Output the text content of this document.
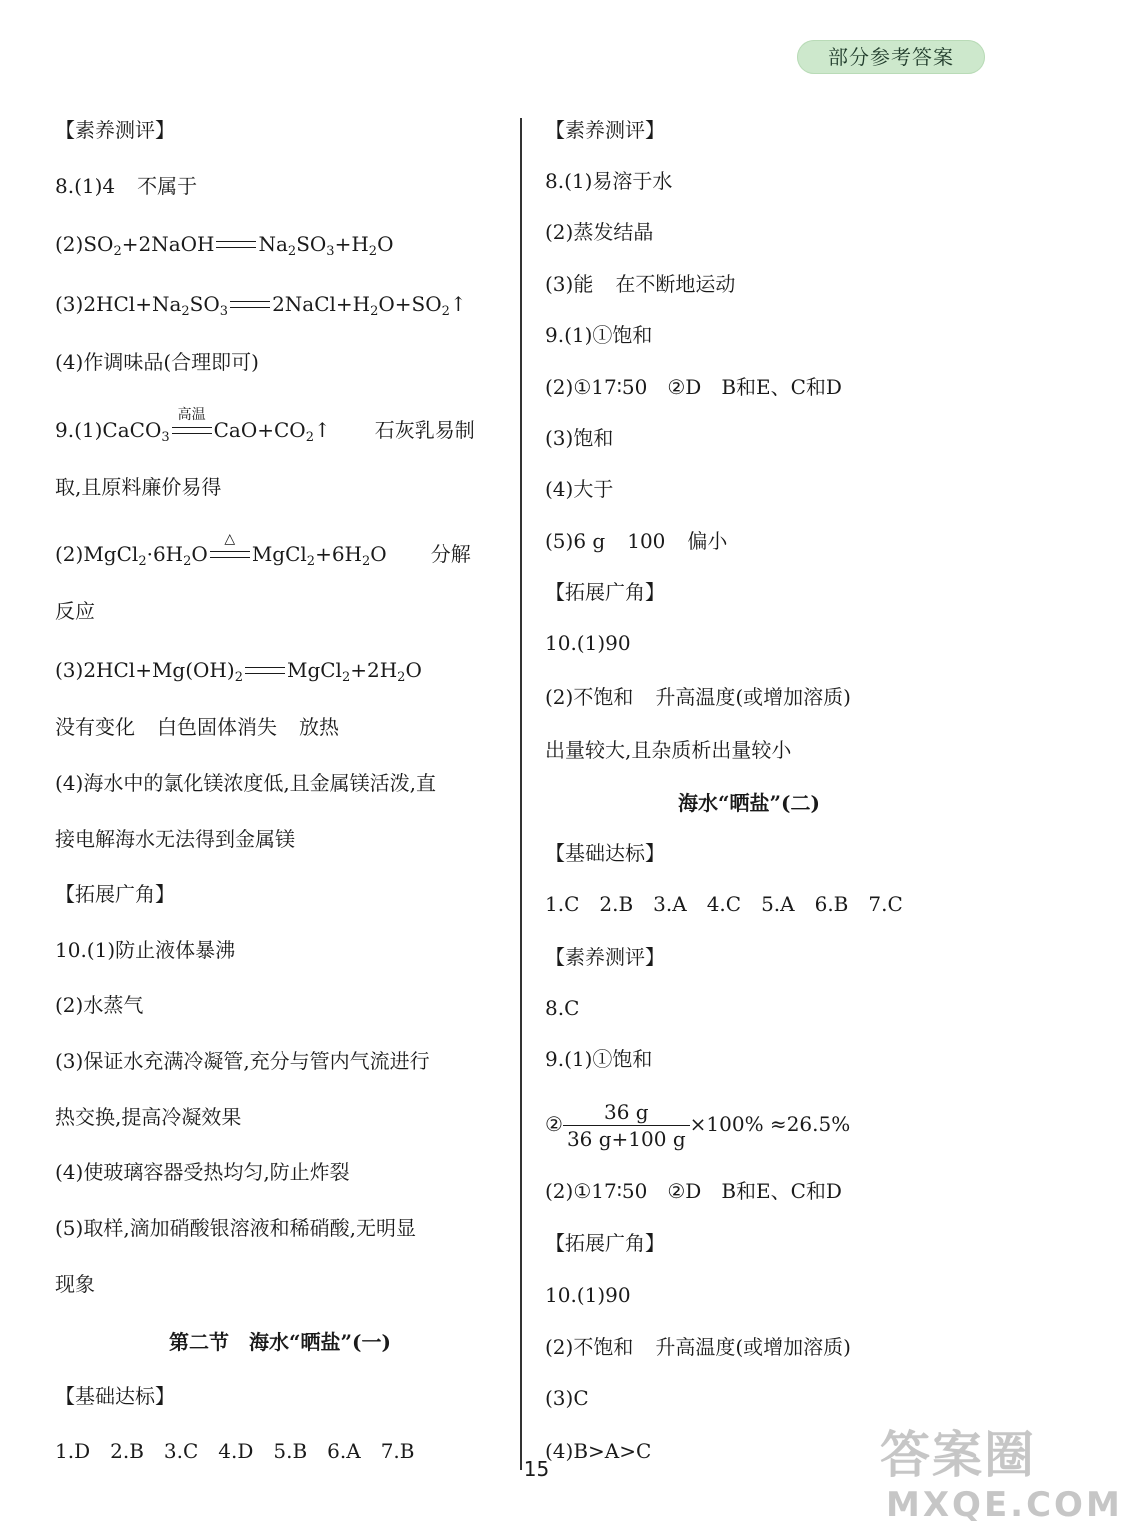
部分参考答案
【素养测评】
8.(1)4 不属于
$(2)SO_2+2NaOH$ $Na_2SO_3+H_2O$
$(3)2HCl+Na_2SO_3$ $2NaCl+H_2O+SO_2↑$
(4)作调味品(合理即可)
9.(1)CaCO$_3$
高温
$CaO+CO_2↑$ 石灰乳易制
取,且原料廉价易得
$(2)MgCl_2\cdot 6H_2O$
△
$MgCl_2+6H_2O$ 分解
反应
$(3)2HCl+Mg(OH)_2$ $MgCl_2+2H_2O$
没有变化 白色固体消失 放热
(4)海水中的氯化镁浓度低,且金属镁活泼,直
接电解海水无法得到金属镁
【拓展广角】
10.(1)防止液体暴沸
(2)水蒸气
(3)保证水充满冷凝管,充分与管内气流进行
热交换,提高冷凝效果
(4)使玻璃容器受热均匀,防止炸裂
(5)取样,滴加硝酸银溶液和稀硝酸,无明显
现象
第二节　海水“晒盐”(一)
【基础达标】
1.D　2.B　3.C　4.D　5.B　6.A　7.B
【素养测评】
8.(1)易溶于水
(2)蒸发结晶
(3)能 在不断地运动
9.(1)①饱和
(2)①17∶50　②D　B和E、C和D
(3)饱和
(4)大于
(5)6 g 100 偏小
【拓展广角】
10.(1)90
(2)不饱和 升高温度(或增加溶质)
出量较大,且杂质析出量较小
海水“晒盐”(二)
【基础达标】
1.C　2.B　3.A　4.C　5.A　6.B　7.C
【素养测评】
8.C
9.(1)①饱和
② $\frac{36 g}{36 g+100 g} \times 100\% \approx 26.5\%$
(2)①17∶50　②D　B和E、C和D
【拓展广角】
10.(1)90
(2)不饱和 升高温度(或增加溶质)
(3)C
(4)B>A>C
15	答案圈
MXQE.COM
